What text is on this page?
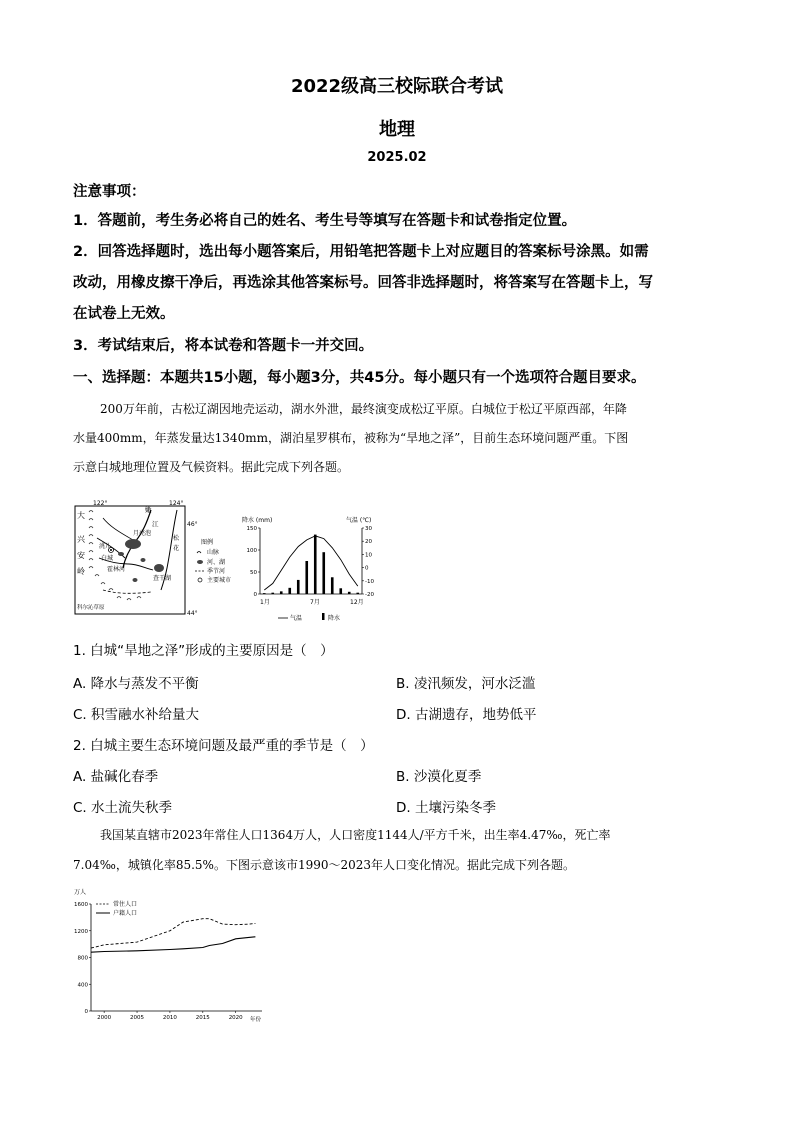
2022级高三校际联合考试
地理
2025.02
注意事项：
1．答题前，考生务必将自己的姓名、考生号等填写在答题卡和试卷指定位置。
2．回答选择题时，选出每小题答案后，用铅笔把答题卡上对应题目的答案标号涂黑。如需
改动，用橡皮擦干净后，再选涂其他答案标号。回答非选择题时，将答案写在答题卡上，写
在试卷上无效。
3．考试结束后，将本试卷和答题卡一并交回。
一、选择题：本题共15小题，每小题3分，共45分。每小题只有一个选项符合题目要求。
200万年前，古松辽湖因地壳运动，湖水外泄，最终演变成松辽平原。白城位于松辽平原西部，年降
水量400mm，年蒸发量达1340mm，湖泊星罗棋布，被称为“旱地之泽”，目前生态环境问题严重。下图
示意白城地理位置及气候资料。据此完成下列各题。
122°	124°
46°
44°
大
兴
安
岭
月亮泡
白城
嫩
江
洮 儿
霍林河
松
花
查干湖
科尔沁草原
图例
山脉
河、湖
季节河
主要城市
降水 (mm)	气温 (℃)
150
100
50
0
30
20
10
0
-10
-20
1月	7月	12月
气温	降水
1. 白城“旱地之泽”形成的主要原因是（　）
A. 降水与蒸发不平衡	B. 凌汛频发，河水泛滥
C. 积雪融水补给量大	D. 古湖遗存，地势低平
2. 白城主要生态环境问题及最严重的季节是（　）
A. 盐碱化春季	B. 沙漠化夏季
C. 水土流失秋季	D. 土壤污染冬季
我国某直辖市2023年常住人口1364万人，人口密度1144人/平方千米，出生率4.47‰，死亡率
7.04‰，城镇化率85.5%。下图示意该市1990～2023年人口变化情况。据此完成下列各题。
万人
1600
1200
800
400
0
2000	2005	2010	2015	2020
常住人口
户籍人口
年份
